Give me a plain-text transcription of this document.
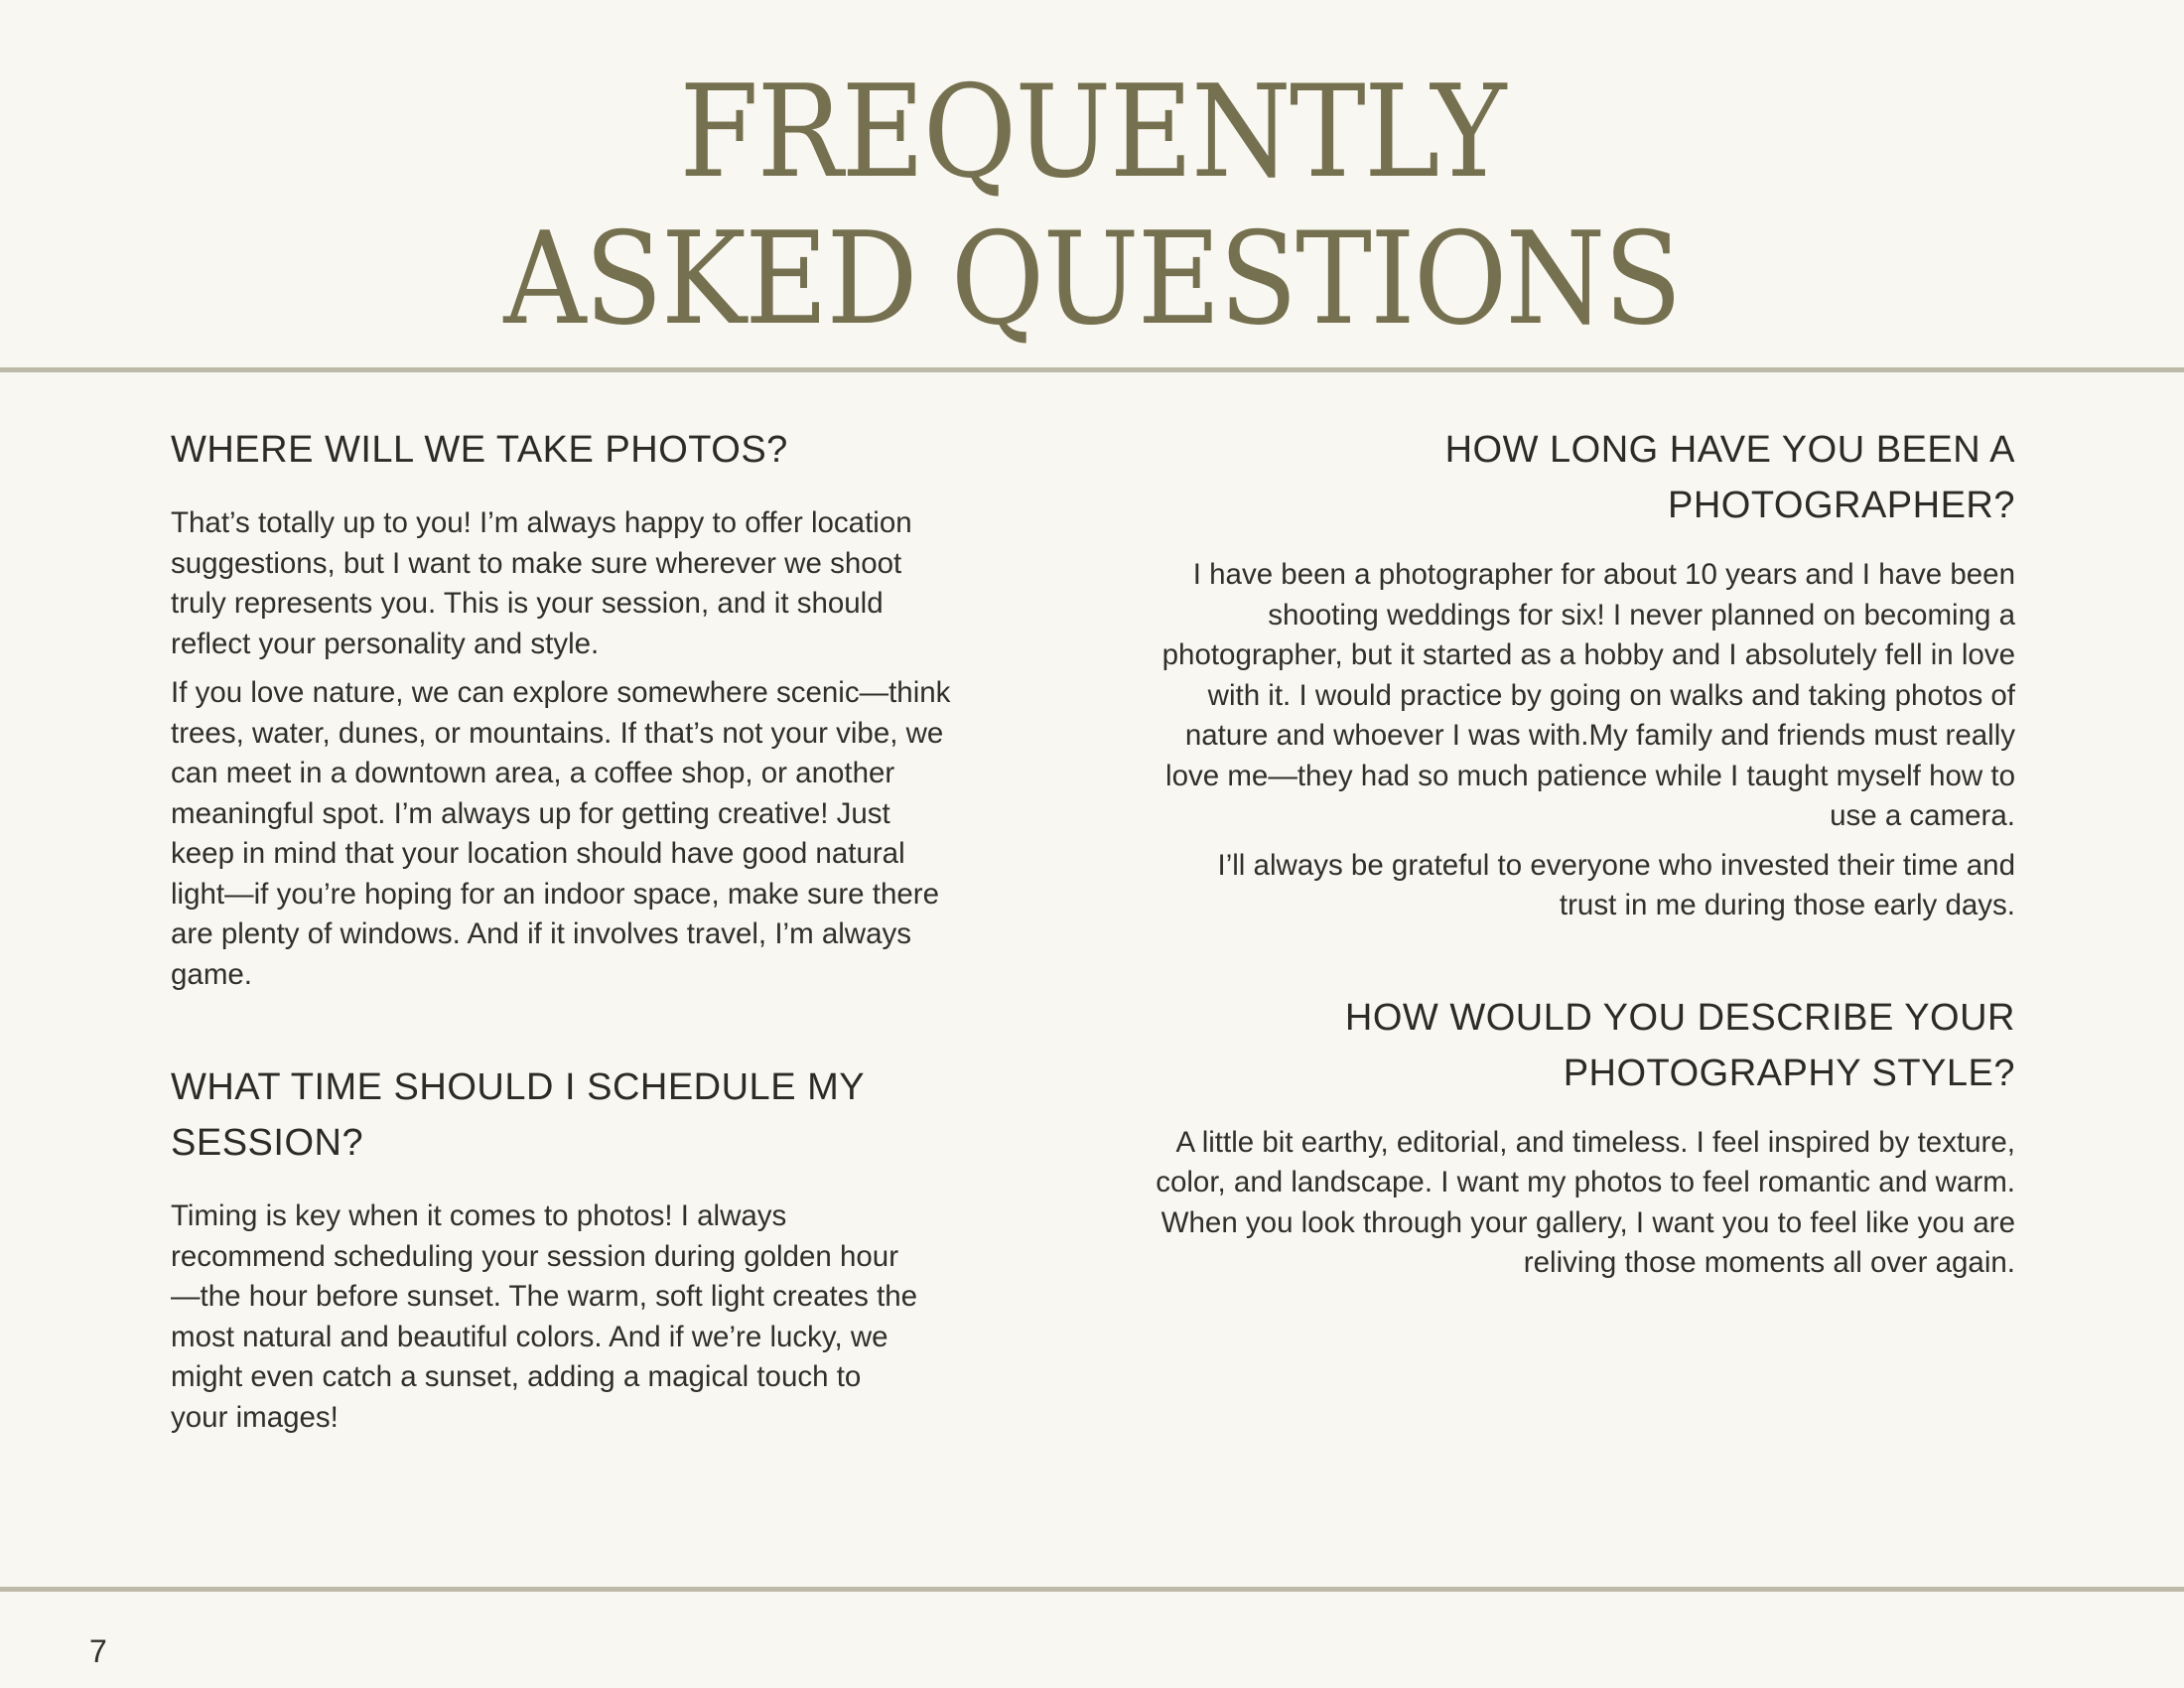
FREQUENTLY
ASKED QUESTIONS
WHERE WILL WE TAKE PHOTOS?

That’s totally up to you! I’m always happy to offer location suggestions, but I want to make sure wherever we shoot truly represents you. This is your session, and it should reflect your personality and style.

If you love nature, we can explore somewhere scenic—think trees, water, dunes, or mountains. If that’s not your vibe, we can meet in a downtown area, a coffee shop, or another meaningful spot. I’m always up for getting creative! Just keep in mind that your location should have good natural light—if you’re hoping for an indoor space, make sure there are plenty of windows. And if it involves travel, I’m always game.

WHAT TIME SHOULD I SCHEDULE MY SESSION?

Timing is key when it comes to photos! I always recommend scheduling your session during golden hour—the hour before sunset. The warm, soft light creates the most natural and beautiful colors. And if we’re lucky, we might even catch a sunset, adding a magical touch to your images!

HOW LONG HAVE YOU BEEN A PHOTOGRAPHER?

I have been a photographer for about 10 years and I have been shooting weddings for six! I never planned on becoming a photographer, but it started as a hobby and I absolutely fell in love with it. I would practice by going on walks and taking photos of nature and whoever I was with.My family and friends must really love me—they had so much patience while I taught myself how to use a camera.

I’ll always be grateful to everyone who invested their time and trust in me during those early days.

HOW WOULD YOU DESCRIBE YOUR PHOTOGRAPHY STYLE?

A little bit earthy, editorial, and timeless. I feel inspired by texture, color, and landscape. I want my photos to feel romantic and warm. When you look through your gallery, I want you to feel like you are reliving those moments all over again.

7
